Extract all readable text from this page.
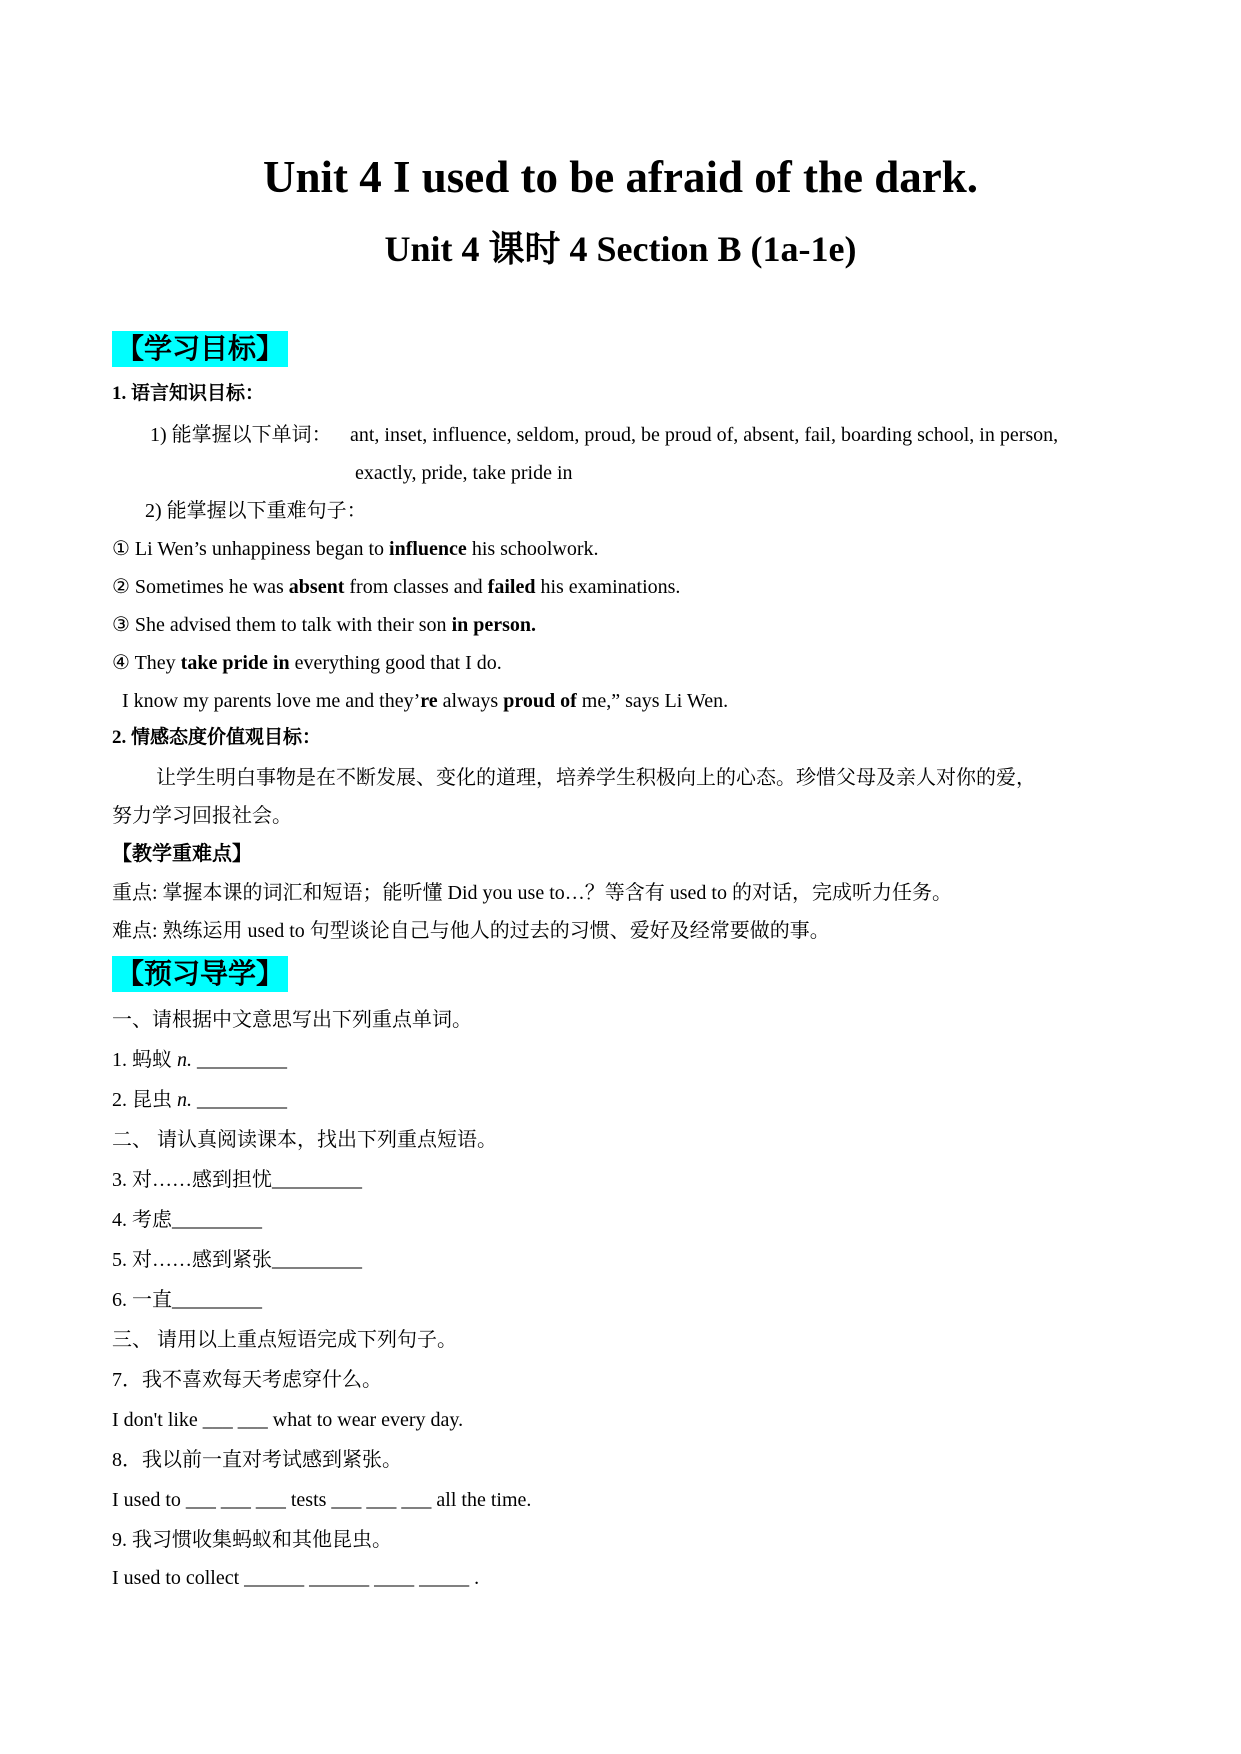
Unit 4 I used to be afraid of the dark.
Unit 4 课时 4 Section B (1a-1e)
【学习目标】
1. 语言知识目标：
1) 能掌握以下单词： ant, inset, influence, seldom, proud, be proud of, absent, fail, boarding school, in person,
exactly, pride, take pride in
2) 能掌握以下重难句子：
① Li Wen’s unhappiness began to influence his schoolwork.
② Sometimes he was absent from classes and failed his examinations.
③ She advised them to talk with their son in person.
④ They take pride in everything good that I do.
I know my parents love me and they’re always proud of me,” says Li Wen.
2. 情感态度价值观目标：
让学生明白事物是在不断发展、变化的道理，培养学生积极向上的心态。珍惜父母及亲人对你的爱，
努力学习回报社会。
【教学重难点】
重点: 掌握本课的词汇和短语；能听懂 Did you use to…？等含有 used to 的对话，完成听力任务。
难点: 熟练运用 used to 句型谈论自己与他人的过去的习惯、爱好及经常要做的事。
【预习导学】
一、请根据中文意思写出下列重点单词。
1. 蚂蚁 n. _________
2. 昆虫 n. _________
二、 请认真阅读课本，找出下列重点短语。
3. 对……感到担忧_________
4. 考虑_________
5. 对……感到紧张_________
6. 一直_________
三、 请用以上重点短语完成下列句子。
7．我不喜欢每天考虑穿什么。
I don't like ___ ___ what to wear every day.
8．我以前一直对考试感到紧张。
I used to ___ ___ ___ tests ___ ___ ___ all the time.
9. 我习惯收集蚂蚁和其他昆虫。
I used to collect ______ ______ ____ _____ .
